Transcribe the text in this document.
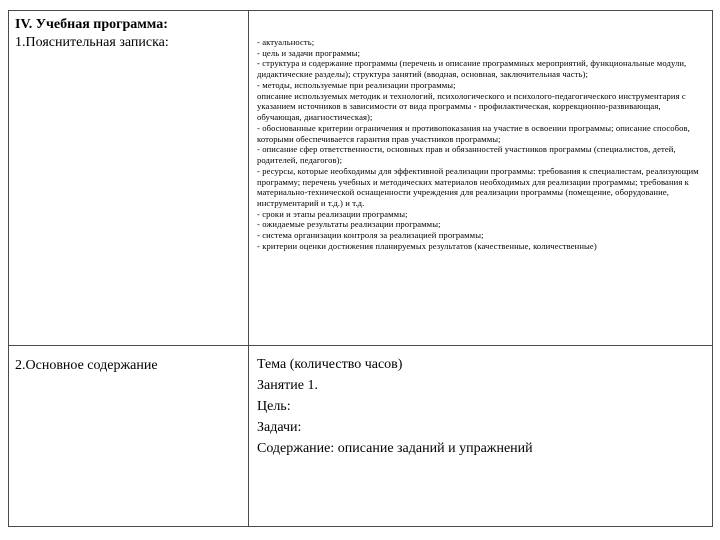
IV. Учебная программа:
1.Пояснительная записка:	- актуальность;

- цель и задачи программы;

- структура и содержание программы (перечень и описание программных мероприятий, функциональные модули, дидактические разделы); структура занятий (вводная, основная, заключительная часть);

- методы, используемые при реализации программы;

описание используемых методик и технологий, психологического и психолого-педагогического инструментария с указанием источников в зависимости от вида программы - профилактическая, коррекционно-развивающая, обучающая, диагностическая);

- обоснованные критерии ограничения и противопоказания на участие в освоении программы; описание способов, которыми обеспечивается гарантия прав участников программы;

- описание сфер ответственности, основных прав и обязанностей участников программы (специалистов, детей, родителей, педагогов);

- ресурсы, которые необходимы для эффективной реализации программы: требования к специалистам, реализующим программу; перечень учебных и методических материалов необходимых для реализации программы; требования к материально-технической оснащенности учреждения для реализации программы (помещение, оборудование, инструментарий и т.д.) и т.д.

- сроки и этапы реализации программы;

- ожидаемые результаты реализации программы;

- система организации контроля за реализацией программы;

- критерии оценки достижения планируемых результатов (качественные, количественные)

2.Основное содержание	Тема (количество часов)
Занятие 1.
Цель:
Задачи:
Содержание: описание заданий и упражнений
